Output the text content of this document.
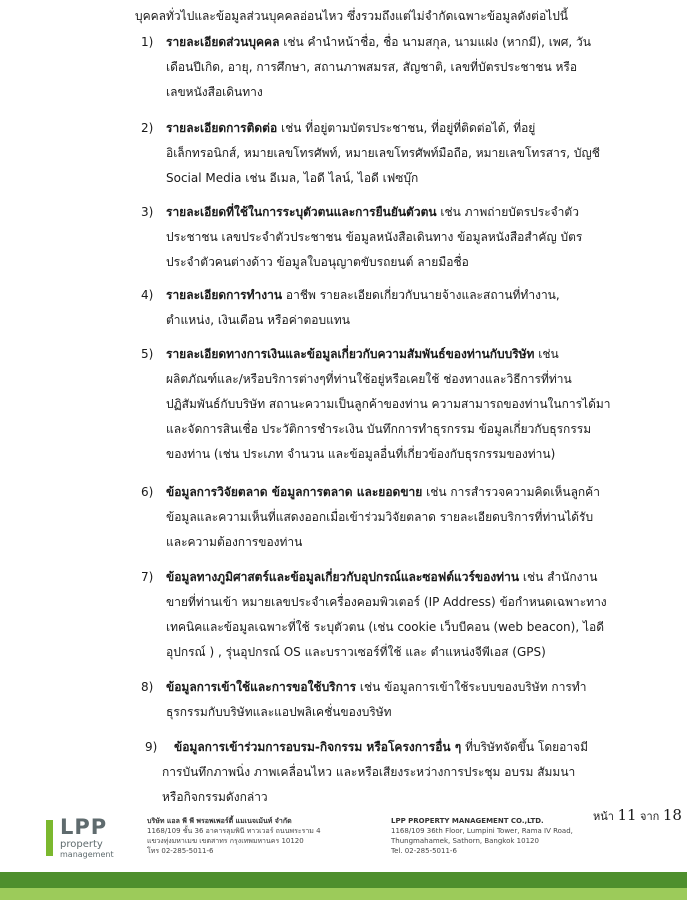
บุคคลทั่วไปและข้อมูลส่วนบุคคลอ่อนไหว ซึ่งรวมถึงแต่ไม่จำกัดเฉพาะข้อมูลดังต่อไปนี้
1)	รายละเอียดส่วนบุคคล เช่น คำนำหน้าชื่อ, ชื่อ นามสกุล, นามแฝง (หากมี), เพศ, วัน
เดือนปีเกิด, อายุ, การศึกษา, สถานภาพสมรส, สัญชาติ, เลขที่บัตรประชาชน หรือ
เลขหนังสือเดินทาง
2)	รายละเอียดการติดต่อ เช่น ที่อยู่ตามบัตรประชาชน, ที่อยู่ที่ติดต่อได้, ที่อยู่
อิเล็กทรอนิกส์, หมายเลขโทรศัพท์, หมายเลขโทรศัพท์มือถือ, หมายเลขโทรสาร, บัญชี
Social Media เช่น อีเมล, ไอดี ไลน์, ไอดี เฟซบุ๊ก
3)	รายละเอียดที่ใช้ในการระบุตัวตนและการยืนยันตัวตน เช่น ภาพถ่ายบัตรประจำตัว
ประชาชน เลขประจำตัวประชาชน ข้อมูลหนังสือเดินทาง ข้อมูลหนังสือสำคัญ บัตร
ประจำตัวคนต่างด้าว ข้อมูลใบอนุญาตขับรถยนต์ ลายมือชื่อ
4)	รายละเอียดการทำงาน อาชีพ รายละเอียดเกี่ยวกับนายจ้างและสถานที่ทำงาน,
ตำแหน่ง, เงินเดือน หรือค่าตอบแทน
5)	รายละเอียดทางการเงินและข้อมูลเกี่ยวกับความสัมพันธ์ของท่านกับบริษัท เช่น
ผลิตภัณฑ์และ/หรือบริการต่างๆที่ท่านใช้อยู่หรือเคยใช้ ช่องทางและวิธีการที่ท่าน
ปฏิสัมพันธ์กับบริษัท สถานะความเป็นลูกค้าของท่าน ความสามารถของท่านในการได้มา
และจัดการสินเชื่อ ประวัติการชำระเงิน บันทึกการทำธุรกรรม ข้อมูลเกี่ยวกับธุรกรรม
ของท่าน (เช่น ประเภท จำนวน และข้อมูลอื่นที่เกี่ยวข้องกับธุรกรรมของท่าน)
6)	ข้อมูลการวิจัยตลาด ข้อมูลการตลาด และยอดขาย เช่น การสำรวจความคิดเห็นลูกค้า
ข้อมูลและความเห็นที่แสดงออกเมื่อเข้าร่วมวิจัยตลาด รายละเอียดบริการที่ท่านได้รับ
และความต้องการของท่าน
7)	ข้อมูลทางภูมิศาสตร์และข้อมูลเกี่ยวกับอุปกรณ์และซอฟต์แวร์ของท่าน เช่น สำนักงาน
ขายที่ท่านเข้า หมายเลขประจำเครื่องคอมพิวเตอร์ (IP Address) ข้อกำหนดเฉพาะทาง
เทคนิคและข้อมูลเฉพาะที่ใช้ ระบุตัวตน (เช่น cookie เว็บบีคอน (web beacon), ไอดี
อุปกรณ์ ) , รุ่นอุปกรณ์ OS และบราวเซอร์ที่ใช้ และ ตำแหน่งจีพีเอส (GPS)
8)	ข้อมูลการเข้าใช้และการขอใช้บริการ เช่น ข้อมูลการเข้าใช้ระบบของบริษัท การทำ
ธุรกรรมกับบริษัทและแอปพลิเคชั่นของบริษัท
9)	ข้อมูลการเข้าร่วมการอบรม-กิจกรรม หรือโครงการอื่น ๆ ที่บริษัทจัดขึ้น โดยอาจมี
การบันทึกภาพนิ่ง ภาพเคลื่อนไหว และหรือเสียงระหว่างการประชุม อบรม สัมมนา
หรือกิจกรรมดังกล่าว
หน้า 11 จาก 18
LPP
property
management
บริษัท แอล พี พี พรอพเพอร์ตี้ แมเนจเม้นท์ จำกัด
1168/109 ชั้น 36 อาคารลุมพินี ทาวเวอร์ ถนนพระราม 4
แขวงทุ่งมหาเมฆ เขตสาทร กรุงเทพมหานคร 10120
โทร 02-285-5011-6
LPP PROPERTY MANAGEMENT CO.,LTD.
1168/109 36th Floor, Lumpini Tower, Rama IV Road,
Thungmahamek, Sathorn, Bangkok 10120
Tel. 02-285-5011-6
